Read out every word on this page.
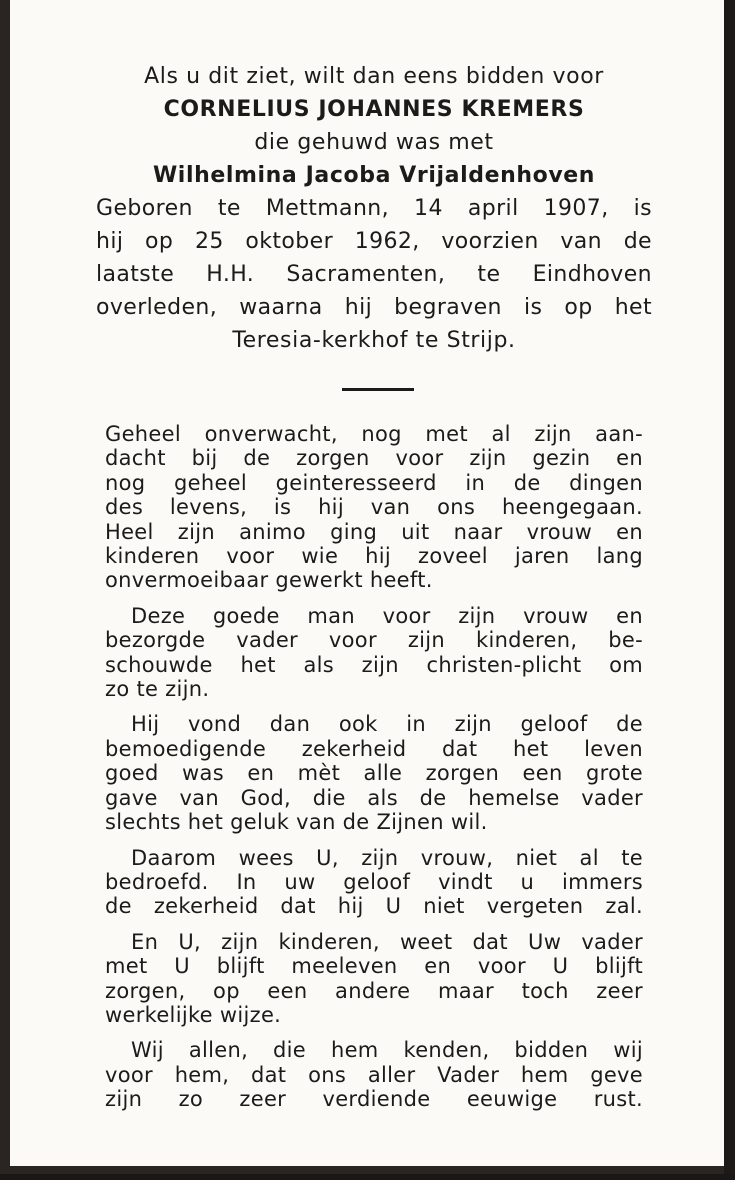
Als u dit ziet, wilt dan eens bidden voor
CORNELIUS JOHANNES KREMERS
die gehuwd was met
Wilhelmina Jacoba Vrijaldenhoven
Geboren te Mettmann, 14 april 1907, is
hij op 25 oktober 1962, voorzien van de
laatste H.H. Sacramenten, te Eindhoven
overleden, waarna hij begraven is op het
Teresia-kerkhof te Strijp.
Geheel onverwacht, nog met al zijn aan-
dacht bij de zorgen voor zijn gezin en
nog geheel geinteresseerd in de dingen
des levens, is hij van ons heengegaan.
Heel zijn animo ging uit naar vrouw en
kinderen voor wie hij zoveel jaren lang
onvermoeibaar gewerkt heeft.
Deze goede man voor zijn vrouw en
bezorgde vader voor zijn kinderen, be-
schouwde het als zijn christen-plicht om
zo te zijn.
Hij vond dan ook in zijn geloof de
bemoedigende zekerheid dat het leven
goed was en mèt alle zorgen een grote
gave van God, die als de hemelse vader
slechts het geluk van de Zijnen wil.
Daarom wees U, zijn vrouw, niet al te
bedroefd. In uw geloof vindt u immers
de zekerheid dat hij U niet vergeten zal.
En U, zijn kinderen, weet dat Uw vader
met U blijft meeleven en voor U blijft
zorgen, op een andere maar toch zeer
werkelijke wijze.
Wij allen, die hem kenden, bidden wij
voor hem, dat ons aller Vader hem geve
zijn zo zeer verdiende eeuwige rust.
